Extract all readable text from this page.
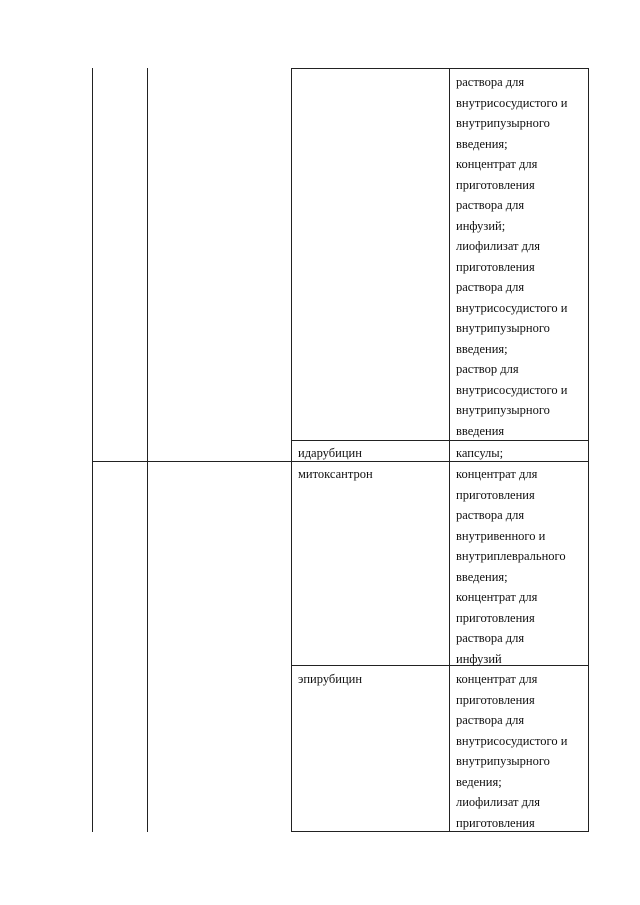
раствора для
внутрисосудистого и
внутрипузырного
введения;
концентрат для
приготовления
раствора для
инфузий;
лиофилизат для
приготовления
раствора для
внутрисосудистого и
внутрипузырного
введения;
раствор для
внутрисосудистого и
внутрипузырного
введения

идарубицин	капсулы;

митоксантрон	концентрат для
приготовления
раствора для
внутривенного и
внутриплеврального
введения;
концентрат для
приготовления
раствора для
инфузий

эпирубицин	концентрат для
приготовления
раствора для
внутрисосудистого и
внутрипузырного
ведения;
лиофилизат для
приготовления
